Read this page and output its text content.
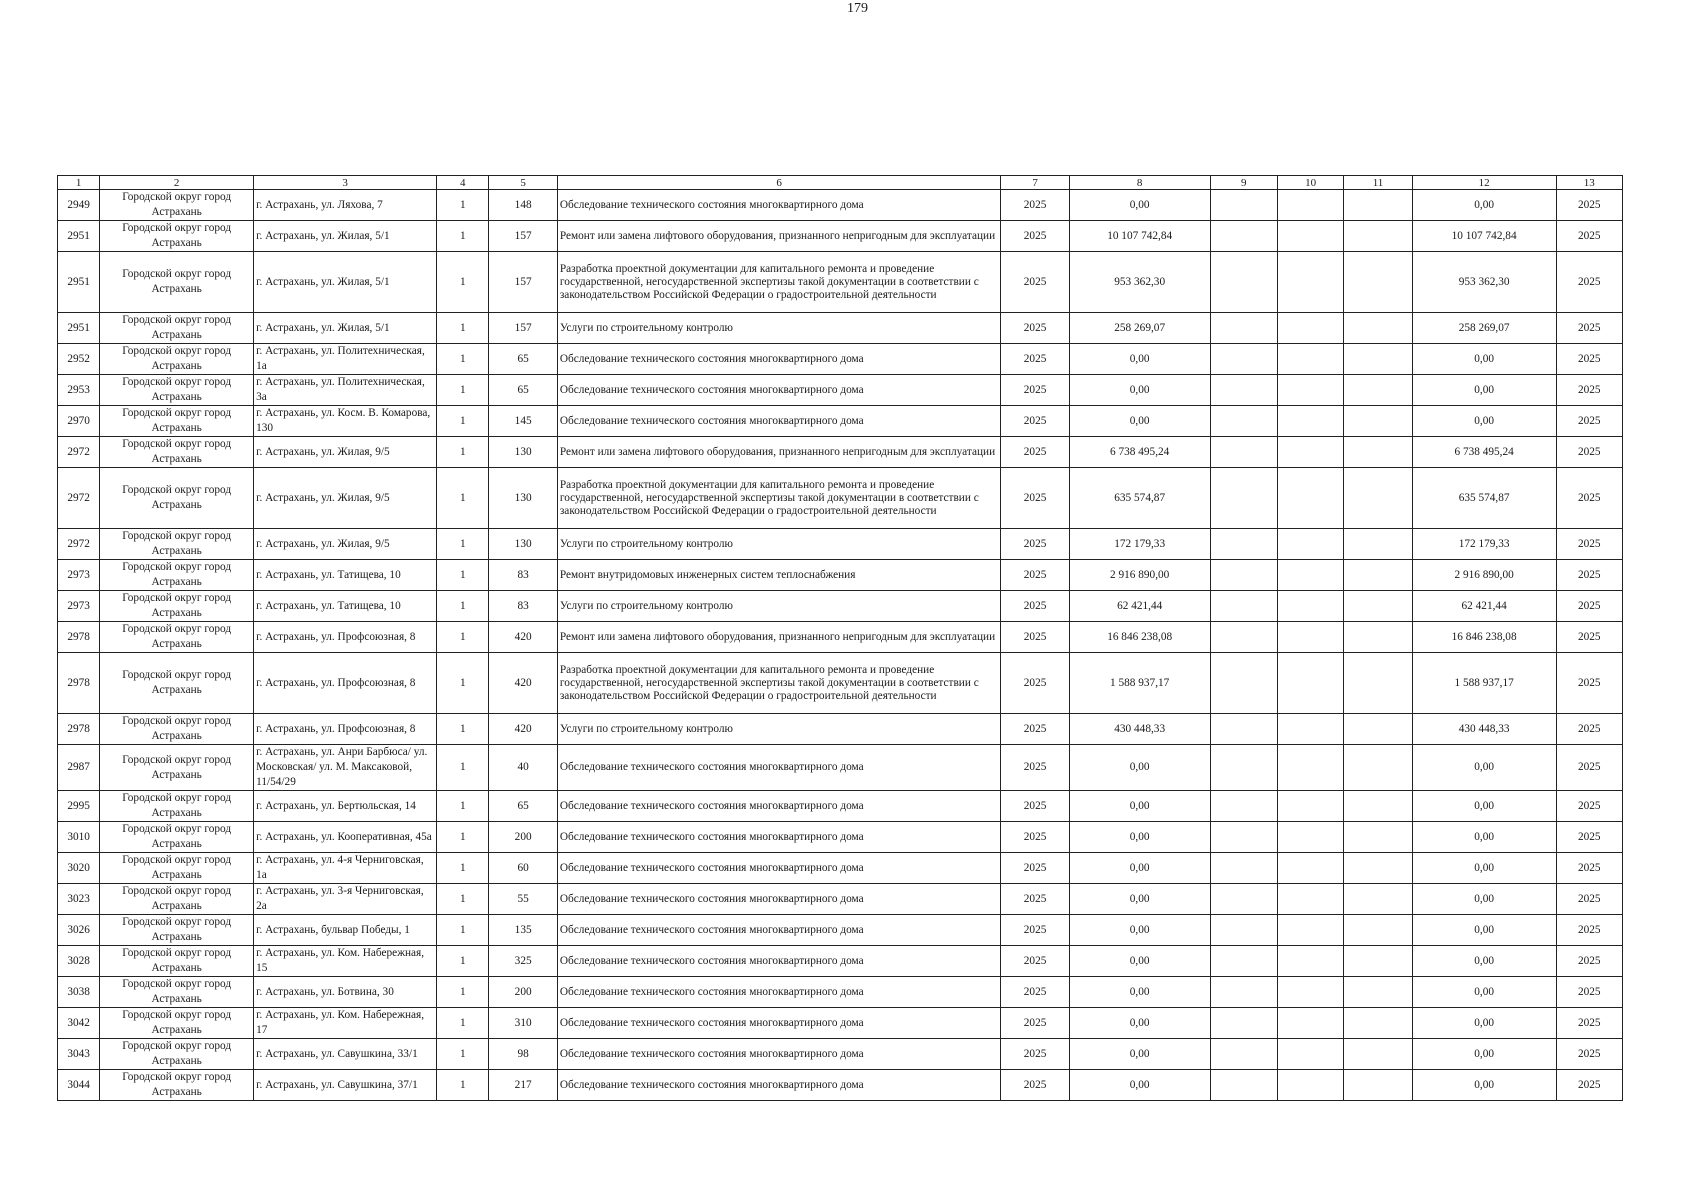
179
1	2	3	4	5	6	7	8	9	10	11	12	13
2949	Городской округ город Астрахань	г. Астрахань, ул. Ляхова, 7	1	148	Обследование технического состояния многоквартирного дома	2025	0,00				0,00	2025
2951	Городской округ город Астрахань	г. Астрахань, ул. Жилая, 5/1	1	157	Ремонт или замена лифтового оборудования, признанного непригодным для эксплуатации	2025	10 107 742,84				10 107 742,84	2025
2951	Городской округ город Астрахань	г. Астрахань, ул. Жилая, 5/1	1	157	Разработка проектной документации для капитального ремонта и проведение государственной, негосударственной экспертизы такой документации в соответствии с законодательством Российской Федерации о градостроительной деятельности	2025	953 362,30				953 362,30	2025
2951	Городской округ город Астрахань	г. Астрахань, ул. Жилая, 5/1	1	157	Услуги по строительному контролю	2025	258 269,07				258 269,07	2025
2952	Городской округ город Астрахань	г. Астрахань, ул. Политехническая, 1а	1	65	Обследование технического состояния многоквартирного дома	2025	0,00				0,00	2025
2953	Городской округ город Астрахань	г. Астрахань, ул. Политехническая, 3а	1	65	Обследование технического состояния многоквартирного дома	2025	0,00				0,00	2025
2970	Городской округ город Астрахань	г. Астрахань, ул. Косм. В. Комарова, 130	1	145	Обследование технического состояния многоквартирного дома	2025	0,00				0,00	2025
2972	Городской округ город Астрахань	г. Астрахань, ул. Жилая, 9/5	1	130	Ремонт или замена лифтового оборудования, признанного непригодным для эксплуатации	2025	6 738 495,24				6 738 495,24	2025
2972	Городской округ город Астрахань	г. Астрахань, ул. Жилая, 9/5	1	130	Разработка проектной документации для капитального ремонта и проведение государственной, негосударственной экспертизы такой документации в соответствии с законодательством Российской Федерации о градостроительной деятельности	2025	635 574,87				635 574,87	2025
2972	Городской округ город Астрахань	г. Астрахань, ул. Жилая, 9/5	1	130	Услуги по строительному контролю	2025	172 179,33				172 179,33	2025
2973	Городской округ город Астрахань	г. Астрахань, ул. Татищева, 10	1	83	Ремонт внутридомовых инженерных систем теплоснабжения	2025	2 916 890,00				2 916 890,00	2025
2973	Городской округ город Астрахань	г. Астрахань, ул. Татищева, 10	1	83	Услуги по строительному контролю	2025	62 421,44				62 421,44	2025
2978	Городской округ город Астрахань	г. Астрахань, ул. Профсоюзная, 8	1	420	Ремонт или замена лифтового оборудования, признанного непригодным для эксплуатации	2025	16 846 238,08				16 846 238,08	2025
2978	Городской округ город Астрахань	г. Астрахань, ул. Профсоюзная, 8	1	420	Разработка проектной документации для капитального ремонта и проведение государственной, негосударственной экспертизы такой документации в соответствии с законодательством Российской Федерации о градостроительной деятельности	2025	1 588 937,17				1 588 937,17	2025
2978	Городской округ город Астрахань	г. Астрахань, ул. Профсоюзная, 8	1	420	Услуги по строительному контролю	2025	430 448,33				430 448,33	2025
2987	Городской округ город Астрахань	г. Астрахань, ул. Анри Барбюса/ ул. Московская/ ул. М. Максаковой, 11/54/29	1	40	Обследование технического состояния многоквартирного дома	2025	0,00				0,00	2025
2995	Городской округ город Астрахань	г. Астрахань, ул. Бертюльская, 14	1	65	Обследование технического состояния многоквартирного дома	2025	0,00				0,00	2025
3010	Городской округ город Астрахань	г. Астрахань, ул. Кооперативная, 45а	1	200	Обследование технического состояния многоквартирного дома	2025	0,00				0,00	2025
3020	Городской округ город Астрахань	г. Астрахань, ул. 4-я Черниговская, 1а	1	60	Обследование технического состояния многоквартирного дома	2025	0,00				0,00	2025
3023	Городской округ город Астрахань	г. Астрахань, ул. 3-я Черниговская, 2а	1	55	Обследование технического состояния многоквартирного дома	2025	0,00				0,00	2025
3026	Городской округ город Астрахань	г. Астрахань, бульвар Победы, 1	1	135	Обследование технического состояния многоквартирного дома	2025	0,00				0,00	2025
3028	Городской округ город Астрахань	г. Астрахань, ул. Ком. Набережная, 15	1	325	Обследование технического состояния многоквартирного дома	2025	0,00				0,00	2025
3038	Городской округ город Астрахань	г. Астрахань, ул. Ботвина, 30	1	200	Обследование технического состояния многоквартирного дома	2025	0,00				0,00	2025
3042	Городской округ город Астрахань	г. Астрахань, ул. Ком. Набережная, 17	1	310	Обследование технического состояния многоквартирного дома	2025	0,00				0,00	2025
3043	Городской округ город Астрахань	г. Астрахань, ул. Савушкина, 33/1	1	98	Обследование технического состояния многоквартирного дома	2025	0,00				0,00	2025
3044	Городской округ город Астрахань	г. Астрахань, ул. Савушкина, 37/1	1	217	Обследование технического состояния многоквартирного дома	2025	0,00				0,00	2025
